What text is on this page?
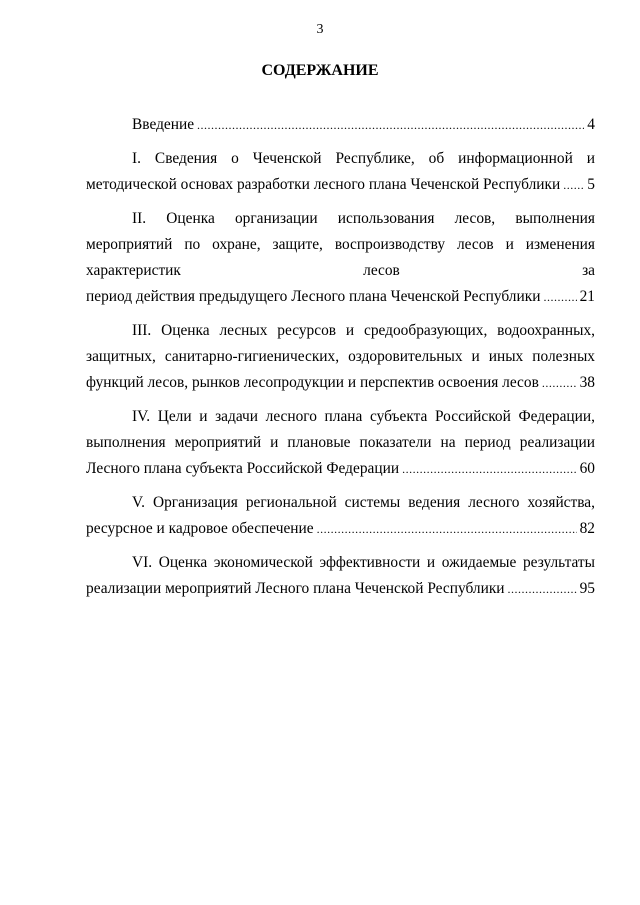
3
СОДЕРЖАНИЕ
Введение .....	4
I. Сведения о Чеченской Республике, об информационной и
методической основах разработки лесного плана Чеченской Республики ..... 5
II. Оценка организации использования лесов, выполнения мероприятий по охране, защите, воспроизводству лесов и изменения характеристик лесов за
период действия предыдущего Лесного плана Чеченской Республики .....	21
III. Оценка лесных ресурсов и средообразующих, водоохранных, защитных, санитарно-гигиенических, оздоровительных и иных полезных
функций лесов, рынков лесопродукции и перспектив освоения лесов .....	38
IV. Цели и задачи лесного плана субъекта Российской Федерации, выполнения мероприятий и плановые показатели на период реализации
Лесного плана субъекта Российской Федерации .....	60
V. Организация региональной системы ведения лесного хозяйства,
ресурсное и кадровое обеспечение .....	82
VI. Оценка экономической эффективности и ожидаемые результаты
реализации мероприятий Лесного плана Чеченской Республики .....	95
